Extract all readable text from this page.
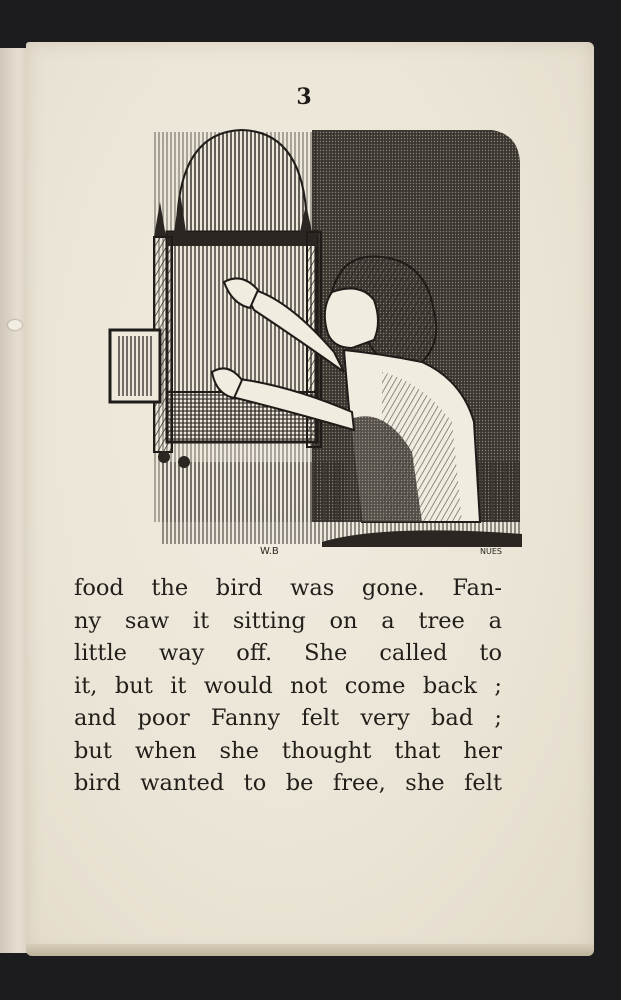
3
W.B	NUES
food the bird was gone. Fan-
ny saw it sitting on a tree a
little way off. She called to
it, but it would not come back ;
and poor Fanny felt very bad ;
but when she thought that her
bird wanted to be free, she felt
